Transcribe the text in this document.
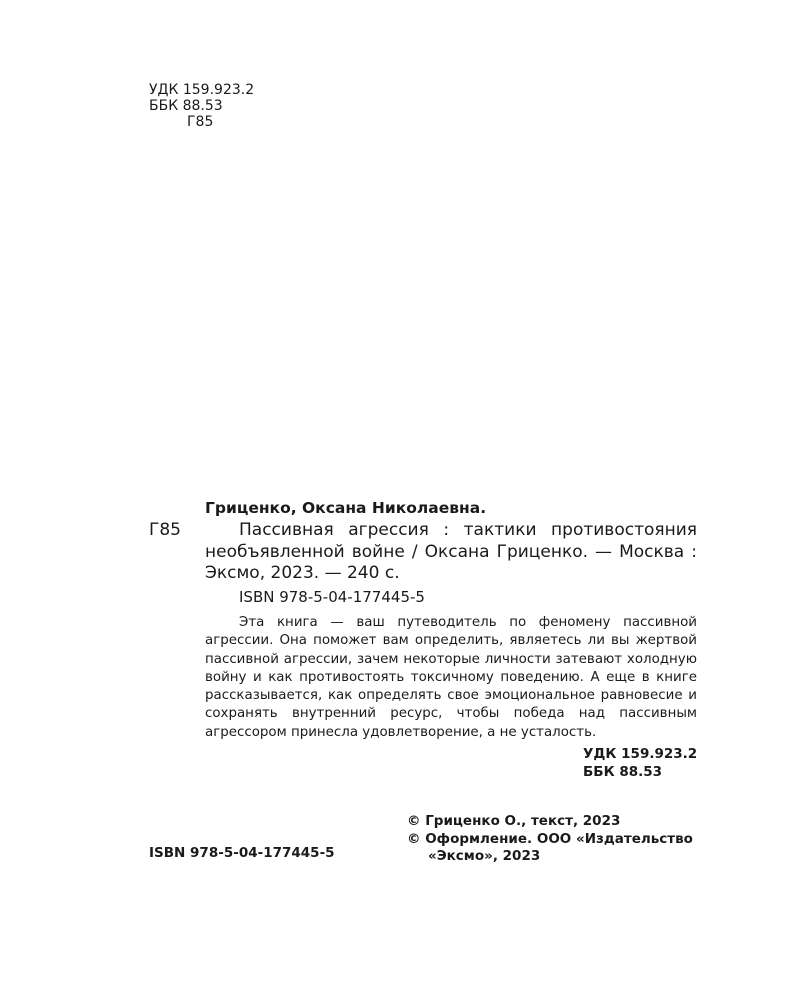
УДК 159.923.2
ББК 88.53
Г85
Гриценко, Оксана Николаевна.
Г85	Пассивная агрессия : тактики противостояния необъявленной войне / Оксана Гриценко. — Москва : Эксмо, 2023. — 240 с.
ISBN 978-5-04-177445-5
Эта книга — ваш путеводитель по феномену пассивной агрессии. Она поможет вам определить, являетесь ли вы жертвой пассивной агрессии, зачем некоторые личности затевают холодную войну и как противостоять токсичному поведению. А еще в книге рассказывается, как определять свое эмоциональное равновесие и сохранять внутренний ресурс, чтобы победа над пассивным агрессором принесла удовлетворение, а не усталость.
УДК 159.923.2
ББК 88.53
© Гриценко О., текст, 2023
© Оформление. ООО «Издательство
«Эксмо», 2023
ISBN 978-5-04-177445-5
